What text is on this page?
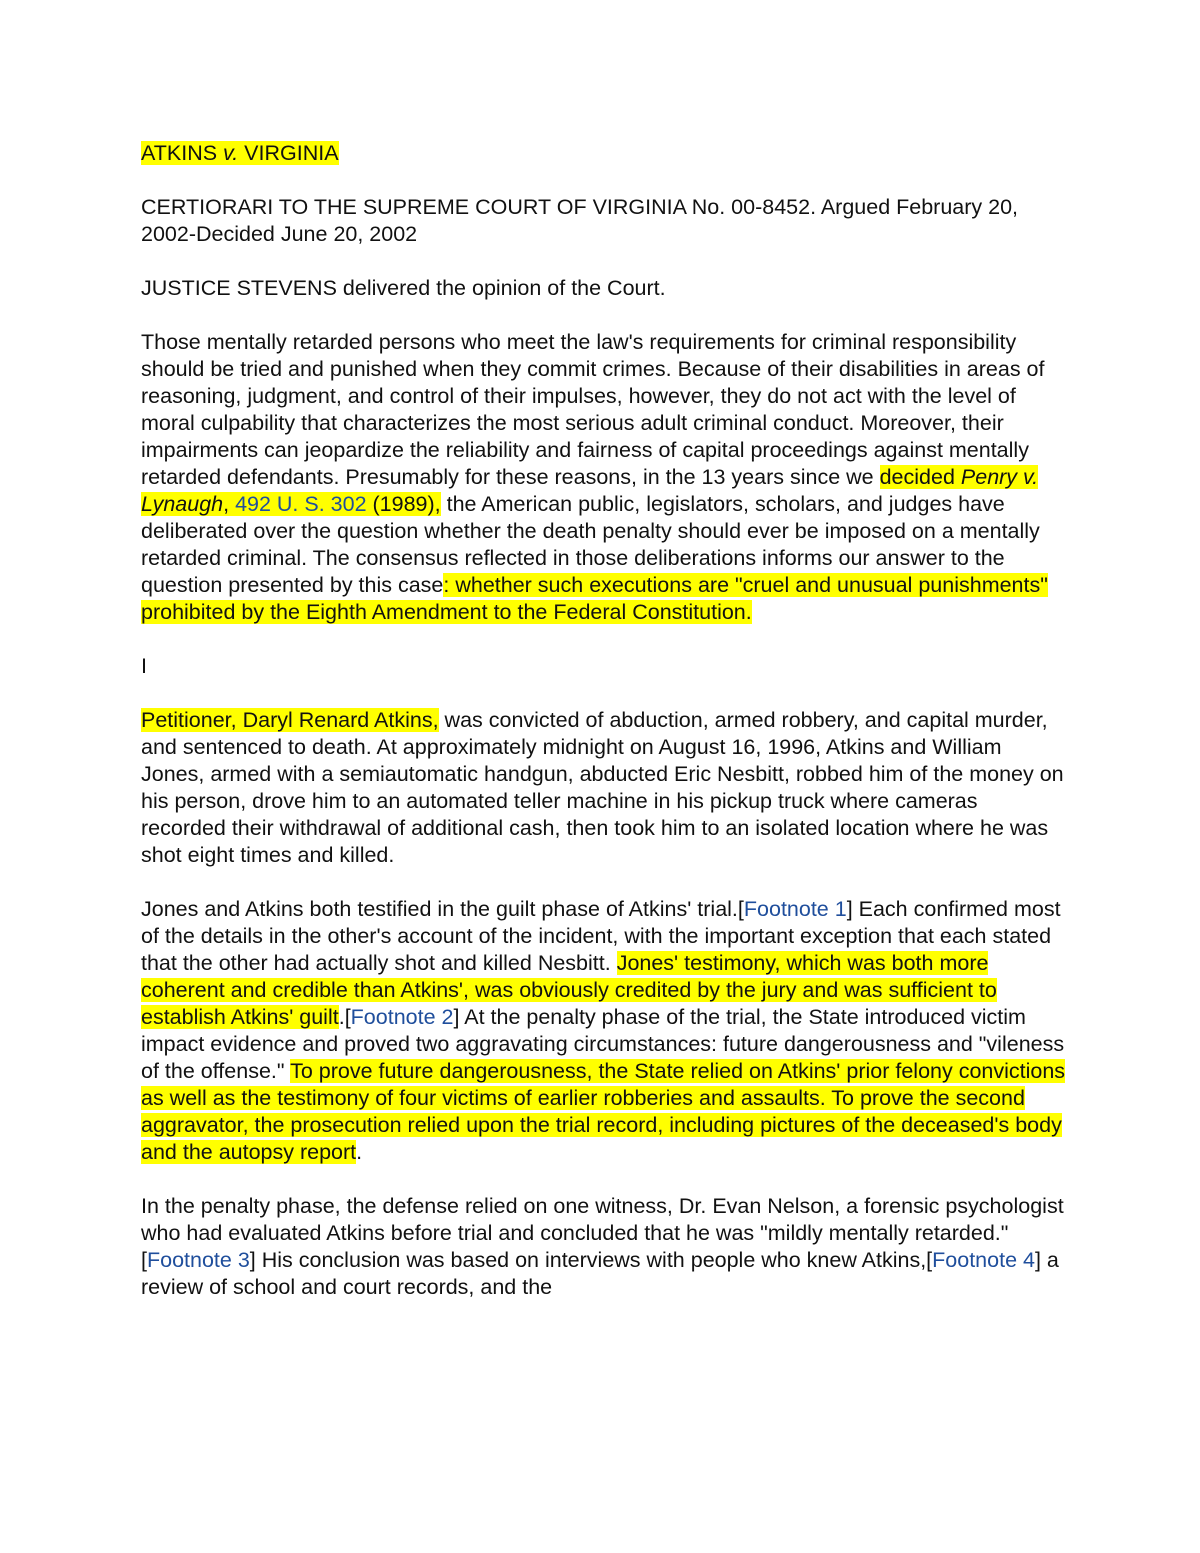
ATKINS v. VIRGINIA

CERTIORARI TO THE SUPREME COURT OF VIRGINIA No. 00-8452. Argued February 20, 2002-Decided June 20, 2002

JUSTICE STEVENS delivered the opinion of the Court.

Those mentally retarded persons who meet the law's requirements for criminal responsibility should be tried and punished when they commit crimes. Because of their disabilities in areas of reasoning, judgment, and control of their impulses, however, they do not act with the level of moral culpability that characterizes the most serious adult criminal conduct. Moreover, their impairments can jeopardize the reliability and fairness of capital proceedings against mentally retarded defendants. Presumably for these reasons, in the 13 years since we decided Penry v. Lynaugh, 492 U. S. 302 (1989), the American public, legislators, scholars, and judges have deliberated over the question whether the death penalty should ever be imposed on a mentally retarded criminal. The consensus reflected in those deliberations informs our answer to the question presented by this case: whether such executions are "cruel and unusual punishments" prohibited by the Eighth Amendment to the Federal Constitution.

I

Petitioner, Daryl Renard Atkins, was convicted of abduction, armed robbery, and capital murder, and sentenced to death. At approximately midnight on August 16, 1996, Atkins and William Jones, armed with a semiautomatic handgun, abducted Eric Nesbitt, robbed him of the money on his person, drove him to an automated teller machine in his pickup truck where cameras recorded their withdrawal of additional cash, then took him to an isolated location where he was shot eight times and killed.

Jones and Atkins both testified in the guilt phase of Atkins' trial.[Footnote 1] Each confirmed most of the details in the other's account of the incident, with the important exception that each stated that the other had actually shot and killed Nesbitt. Jones' testimony, which was both more coherent and credible than Atkins', was obviously credited by the jury and was sufficient to establish Atkins' guilt.[Footnote 2] At the penalty phase of the trial, the State introduced victim impact evidence and proved two aggravating circumstances: future dangerousness and "vileness of the offense." To prove future dangerousness, the State relied on Atkins' prior felony convictions as well as the testimony of four victims of earlier robberies and assaults. To prove the second aggravator, the prosecution relied upon the trial record, including pictures of the deceased's body and the autopsy report.

In the penalty phase, the defense relied on one witness, Dr. Evan Nelson, a forensic psychologist who had evaluated Atkins before trial and concluded that he was "mildly mentally retarded."[Footnote 3] His conclusion was based on interviews with people who knew Atkins,[Footnote 4] a review of school and court records, and the
